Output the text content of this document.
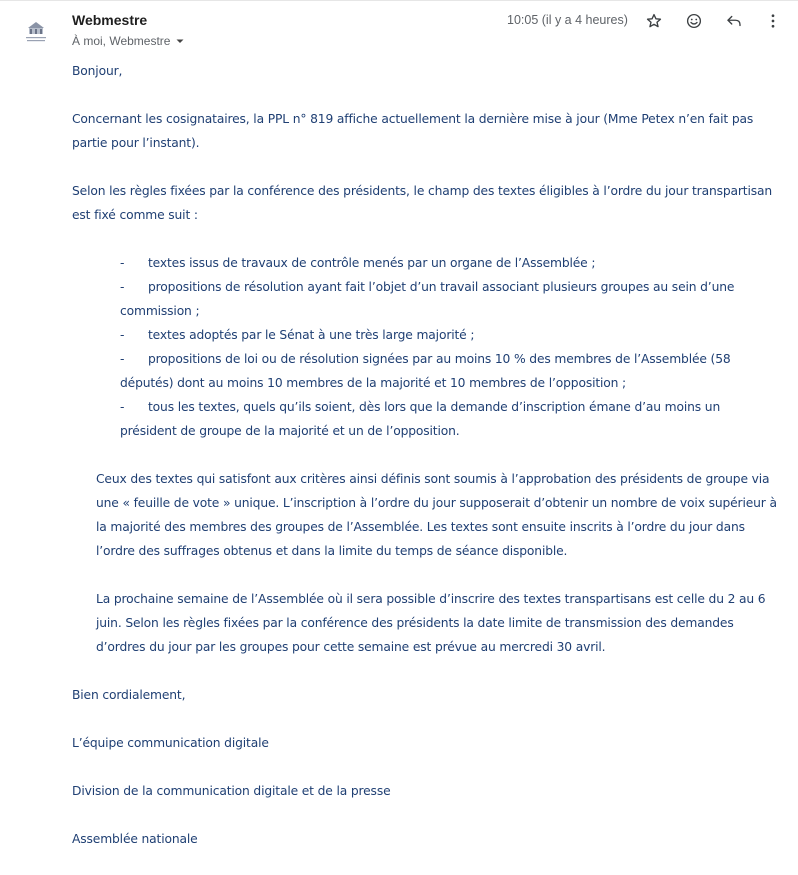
Webmestre
À moi, Webmestre
10:05 (il y a 4 heures)

Bonjour,

Concernant les cosignataires, la PPL n° 819 affiche actuellement la dernière mise à jour (Mme Petex n’en fait pas partie pour l’instant).

Selon les règles fixées par la conférence des présidents, le champ des textes éligibles à l’ordre du jour transpartisan est fixé comme suit :

- textes issus de travaux de contrôle menés par un organe de l’Assemblée ;
- propositions de résolution ayant fait l’objet d’un travail associant plusieurs groupes au sein d’une commission ;
- textes adoptés par le Sénat à une très large majorité ;
- propositions de loi ou de résolution signées par au moins 10 % des membres de l’Assemblée (58 députés) dont au moins 10 membres de la majorité et 10 membres de l’opposition ;
- tous les textes, quels qu’ils soient, dès lors que la demande d’inscription émane d’au moins un président de groupe de la majorité et un de l’opposition.

Ceux des textes qui satisfont aux critères ainsi définis sont soumis à l’approbation des présidents de groupe via une « feuille de vote » unique. L’inscription à l’ordre du jour supposerait d’obtenir un nombre de voix supérieur à la majorité des membres des groupes de l’Assemblée. Les textes sont ensuite inscrits à l’ordre du jour dans l’ordre des suffrages obtenus et dans la limite du temps de séance disponible.

La prochaine semaine de l’Assemblée où il sera possible d’inscrire des textes transpartisans est celle du 2 au 6 juin. Selon les règles fixées par la conférence des présidents la date limite de transmission des demandes d’ordres du jour par les groupes pour cette semaine est prévue au mercredi 30 avril.

Bien cordialement,

L’équipe communication digitale

Division de la communication digitale et de la presse

Assemblée nationale
